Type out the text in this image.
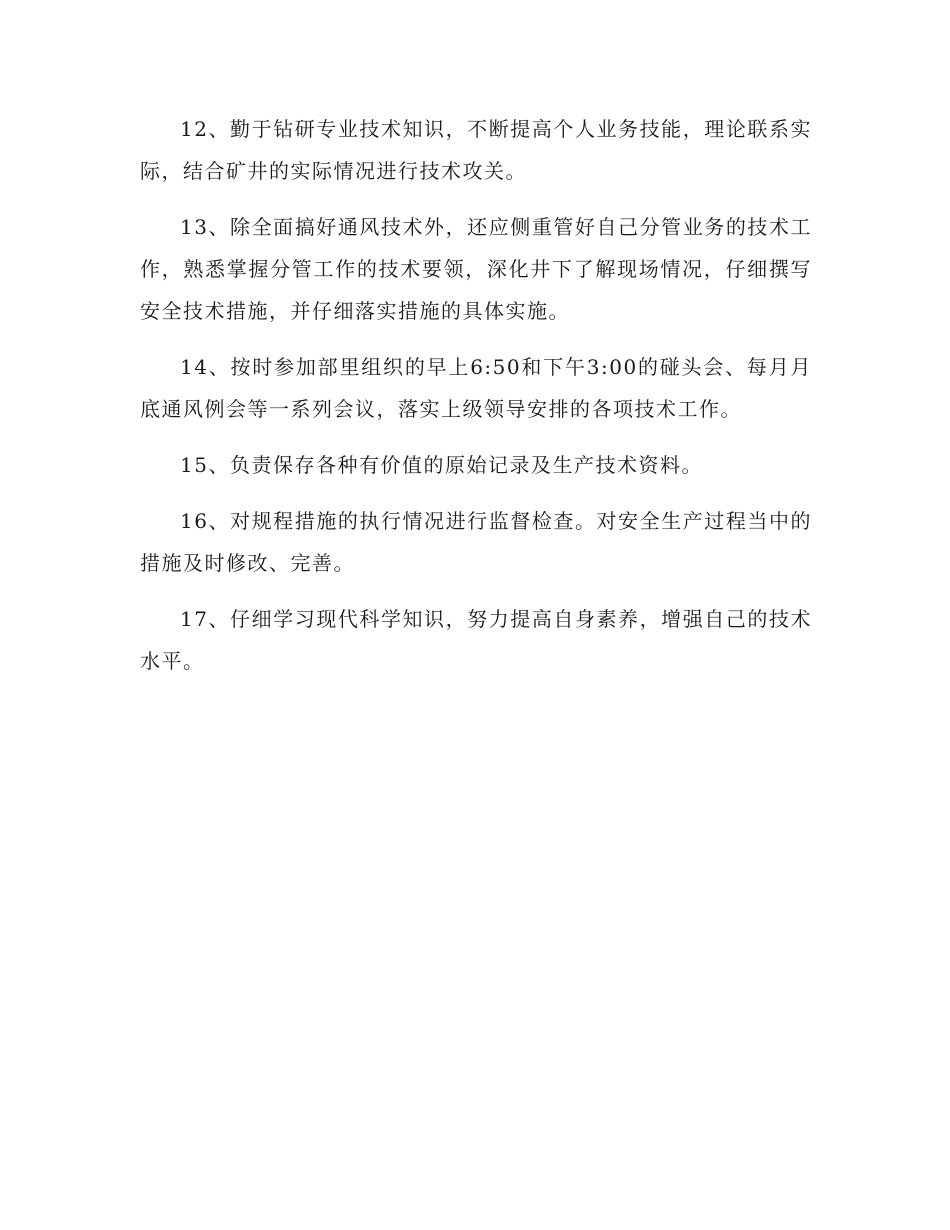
12、勤于钻研专业技术知识，不断提高个人业务技能，理论联系实际，结合矿井的实际情况进行技术攻关。

13、除全面搞好通风技术外，还应侧重管好自己分管业务的技术工作，熟悉掌握分管工作的技术要领，深化井下了解现场情况，仔细撰写安全技术措施，并仔细落实措施的具体实施。

14、按时参加部里组织的早上6:50和下午3:00的碰头会、每月月底通风例会等一系列会议，落实上级领导安排的各项技术工作。

15、负责保存各种有价值的原始记录及生产技术资料。

16、对规程措施的执行情况进行监督检查。对安全生产过程当中的措施及时修改、完善。

17、仔细学习现代科学知识，努力提高自身素养，增强自己的技术水平。
